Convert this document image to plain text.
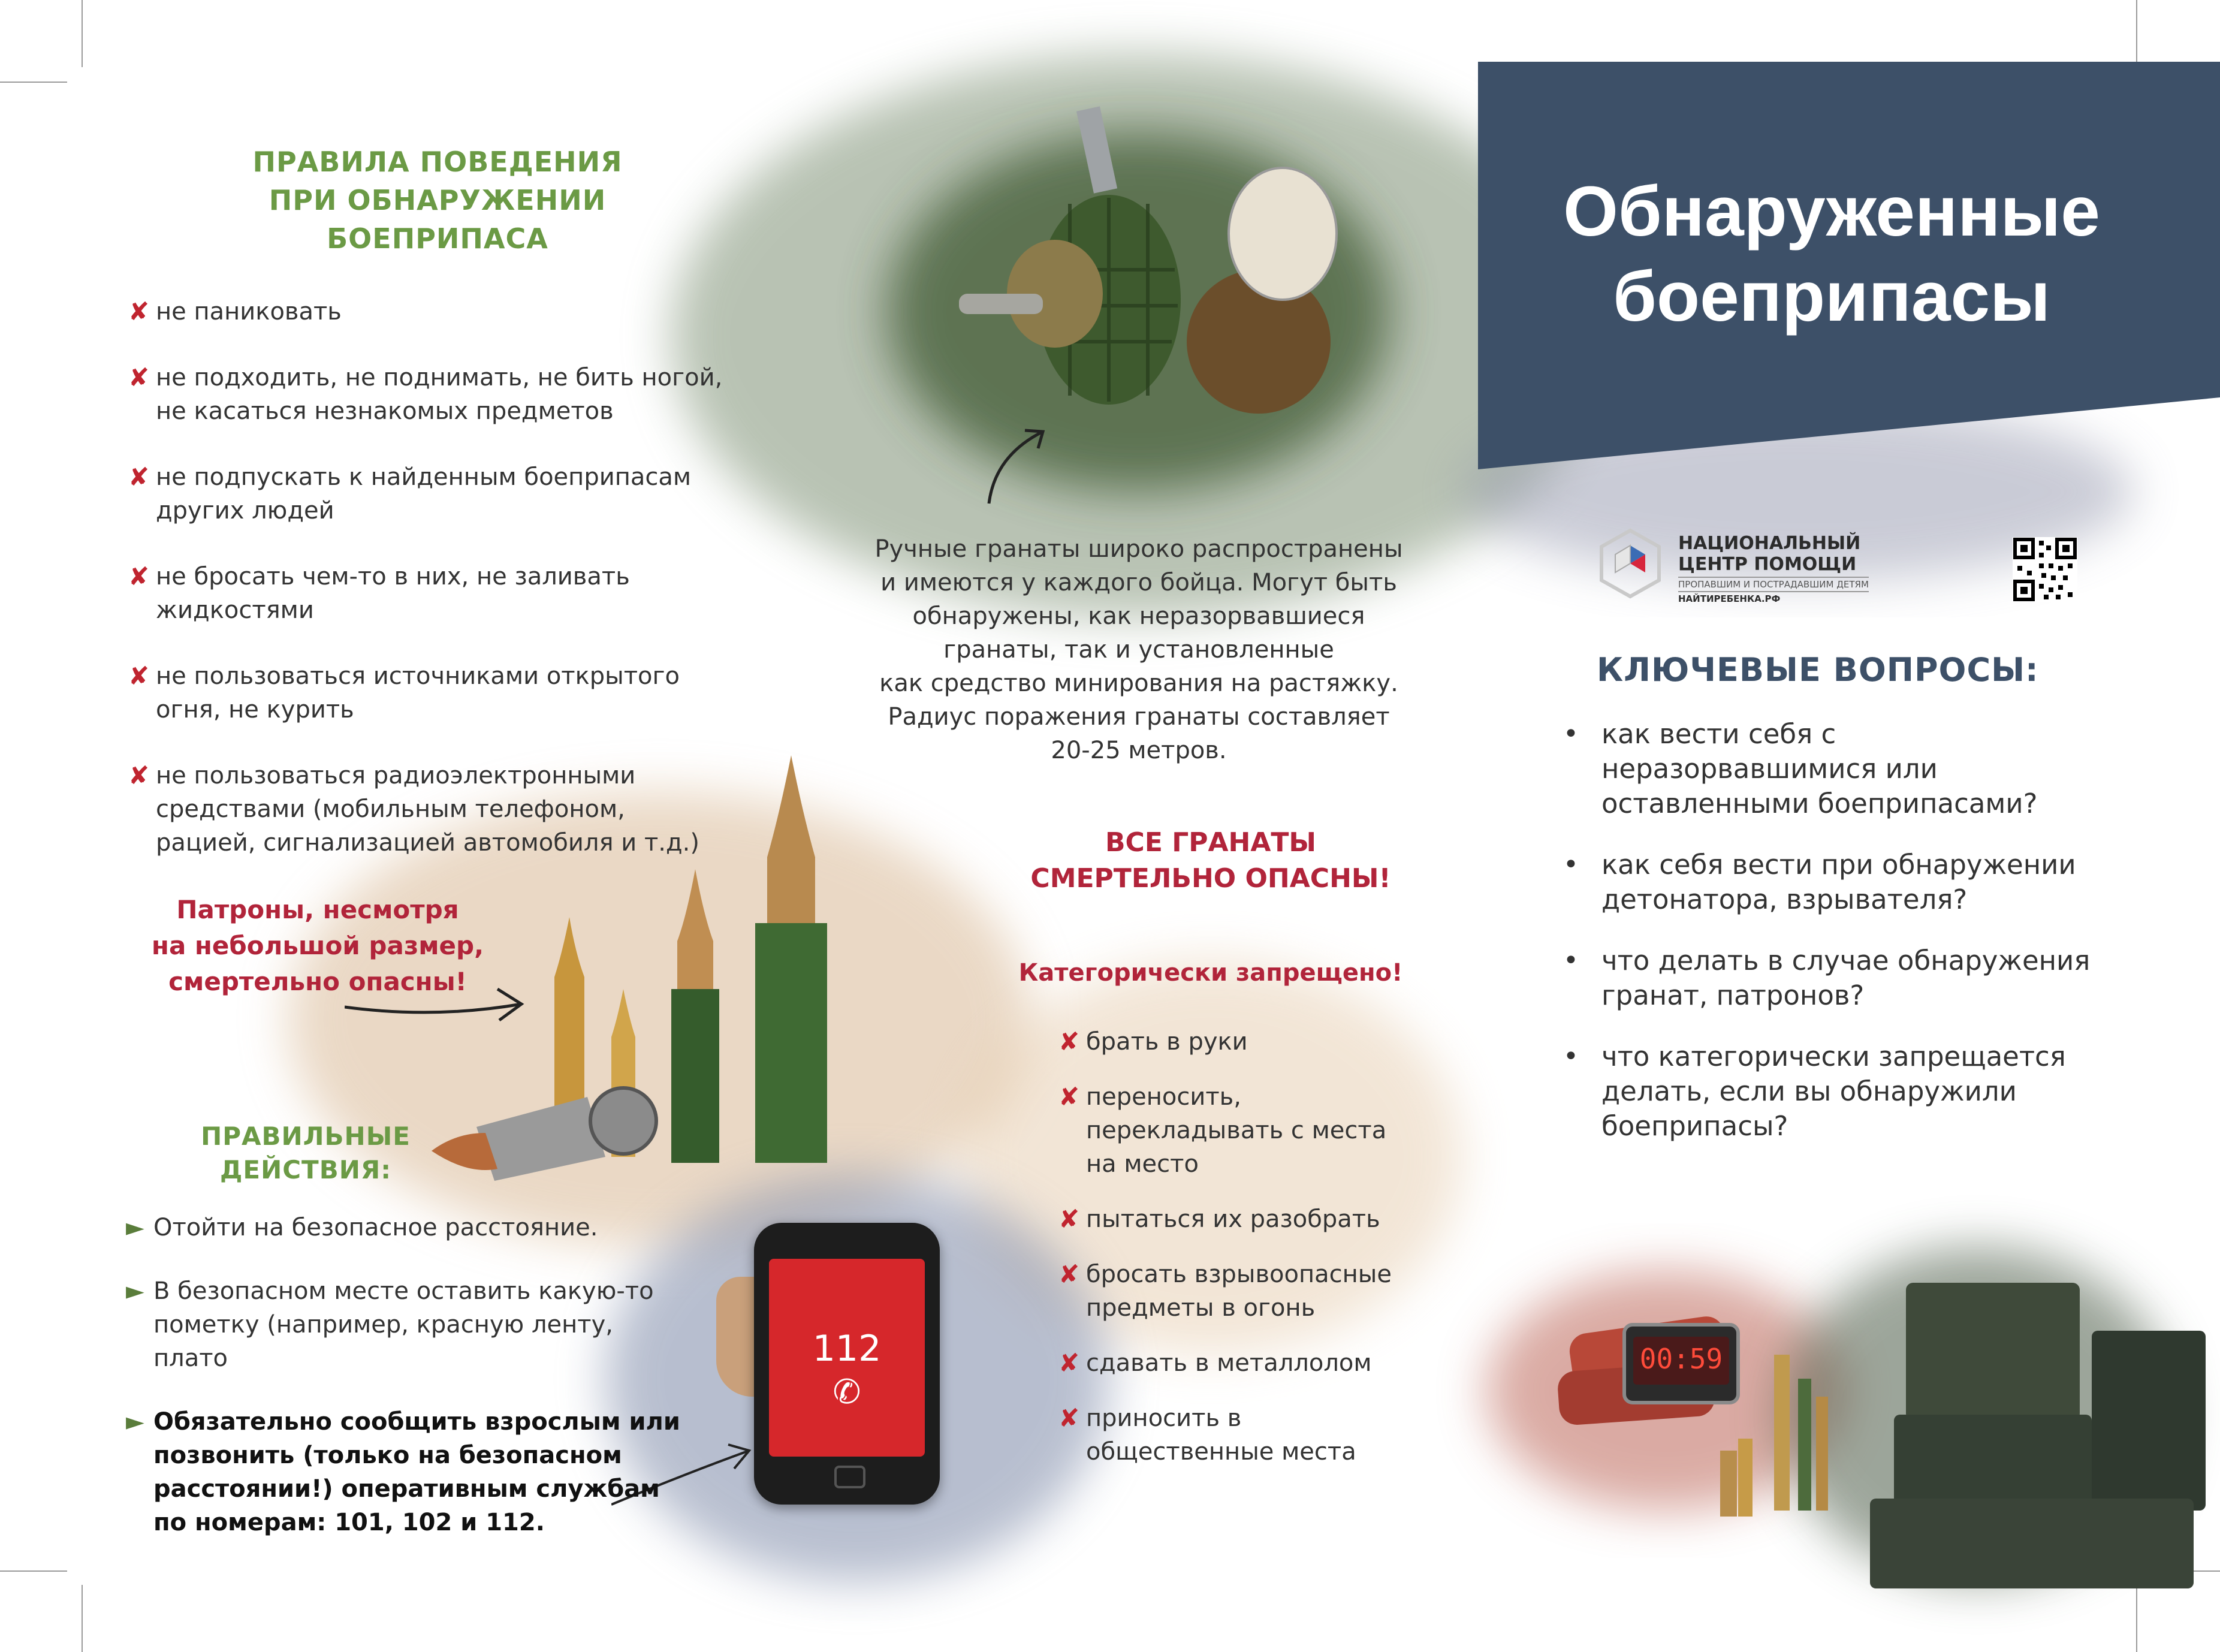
112
✆
Обнаруженные
боеприпасы
НАЦИОНАЛЬНЫЙ
ЦЕНТР ПОМОЩИ
ПРОПАВШИМ И ПОСТРАДАВШИМ ДЕТЯМ
НАЙТИРЕБЕНКА.РФ
КЛЮЧЕВЫЕ ВОПРОСЫ:
• как вести себя с неразорвавшимися или оставленными боеприпасами?
• как себя вести при обнаружении детонатора, взрывателя?
• что делать в случае обнаружения гранат, патронов?
• что категорически запрещается делать, если вы обнаружили боеприпасы?
ПРАВИЛА ПОВЕДЕНИЯ
ПРИ ОБНАРУЖЕНИИ
БОЕПРИПАСА
✘ не паниковать
✘ не подходить, не поднимать, не бить ногой, не касаться незнакомых предметов
✘ не подпускать к найденным боеприпасам других людей
✘ не бросать чем-то в них, не заливать жидкостями
✘ не пользоваться источниками открытого огня, не курить
✘ не пользоваться радиоэлектронными средствами (мобильным телефоном, рацией, сигнализацией автомобиля и т.д.)
Патроны, несмотря
на небольшой размер,
смертельно опасны!
ПРАВИЛЬНЫЕ
ДЕЙСТВИЯ:
► Отойти на безопасное расстояние.
► В безопасном месте оставить какую-то пометку (например, красную ленту, плато
► Обязательно сообщить взрослым или позвонить (только на безопасном расстоянии!) оперативным службам по номерам: 101, 102 и 112.
Ручные гранаты широко распространены
и имеются у каждого бойца. Могут быть
обнаружены, как неразорвавшиеся
гранаты, так и установленные
как средство минирования на растяжку.
Радиус поражения гранаты составляет
20-25 метров.
ВСЕ ГРАНАТЫ
СМЕРТЕЛЬНО ОПАСНЫ!
Категорически запрещено!
✘ брать в руки
✘ переносить, перекладывать с места на место
✘ пытаться их разобрать
✘ бросать взрывоопасные предметы в огонь
✘ сдавать в металлолом
✘ приносить в общественные места
00:59
